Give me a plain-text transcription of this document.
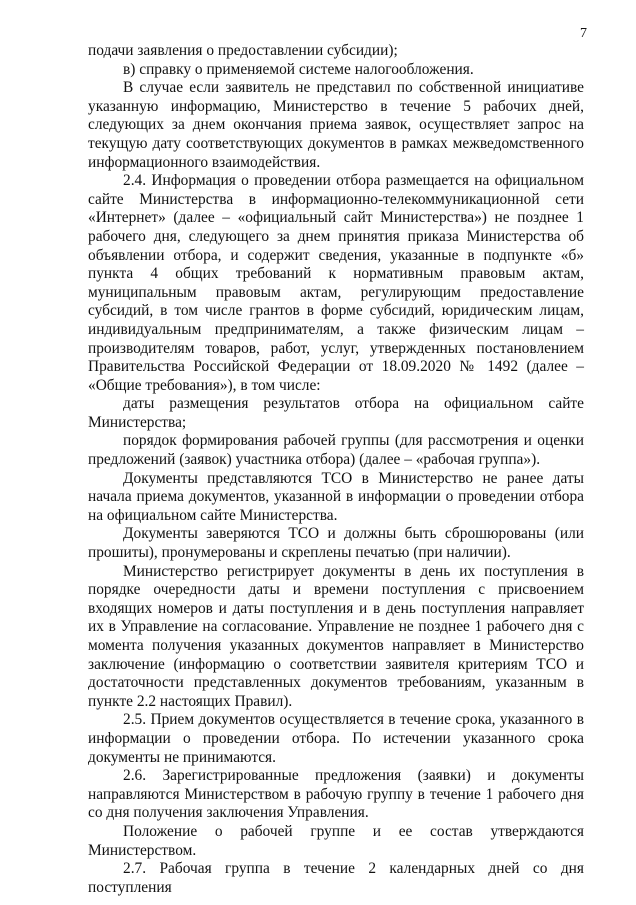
7

подачи заявления о предоставлении субсидии);

в) справку о применяемой системе налогообложения.

В случае если заявитель не представил по собственной инициативе указанную информацию, Министерство в течение 5 рабочих дней, следующих за днем окончания приема заявок, осуществляет запрос на текущую дату соответствующих документов в рамках межведомственного информационного взаимодействия.

2.4. Информация о проведении отбора размещается на официальном сайте Министерства в информационно-телекоммуникационной сети «Интернет» (далее – «официальный сайт Министерства») не позднее 1 рабочего дня, следующего за днем принятия приказа Министерства об объявлении отбора, и содержит сведения, указанные в подпункте «б» пункта 4 общих требований к нормативным правовым актам, муниципальным правовым актам, регулирующим предоставление субсидий, в том числе грантов в форме субсидий, юридическим лицам, индивидуальным предпринимателям, а также физическим лицам – производителям товаров, работ, услуг, утвержденных постановлением Правительства Российской Федерации от 18.09.2020 № 1492 (далее – «Общие требования»), в том числе:

даты размещения результатов отбора на официальном сайте Министерства;

порядок формирования рабочей группы (для рассмотрения и оценки предложений (заявок) участника отбора) (далее – «рабочая группа»).

Документы представляются ТСО в Министерство не ранее даты начала приема документов, указанной в информации о проведении отбора на официальном сайте Министерства.

Документы заверяются ТСО и должны быть сброшюрованы (или прошиты), пронумерованы и скреплены печатью (при наличии).

Министерство регистрирует документы в день их поступления в порядке очередности даты и времени поступления с присвоением входящих номеров и даты поступления и в день поступления направляет их в Управление на согласование. Управление не позднее 1 рабочего дня с момента получения указанных документов направляет в Министерство заключение (информацию о соответствии заявителя критериям ТСО и достаточности представленных документов требованиям, указанным в пункте 2.2 настоящих Правил).

2.5. Прием документов осуществляется в течение срока, указанного в информации о проведении отбора. По истечении указанного срока документы не принимаются.

2.6. Зарегистрированные предложения (заявки) и документы направляются Министерством в рабочую группу в течение 1 рабочего дня со дня получения заключения Управления.

Положение о рабочей группе и ее состав утверждаются Министерством.

2.7. Рабочая группа в течение 2 календарных дней со дня поступления
